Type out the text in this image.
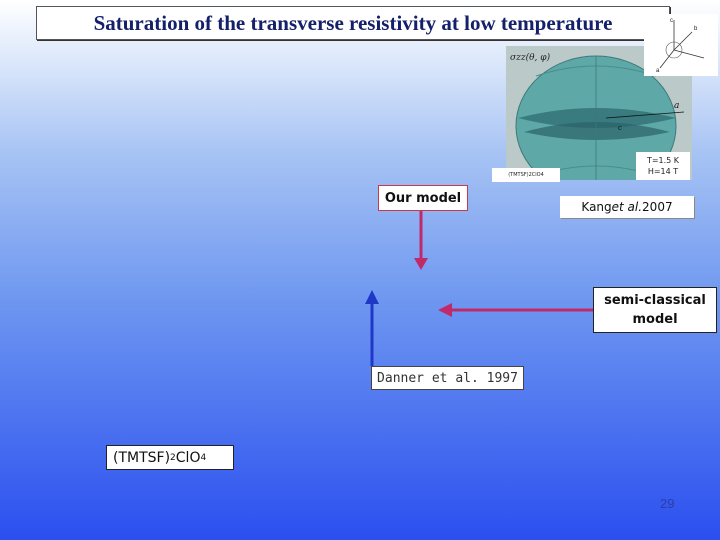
Saturation of the transverse resistivity at low temperature
a
c
σzz(θ, φ)
c
b
a
(TMTSF)2ClO4
T=1.5 K
H=14 T
Our model
Kang et al. 2007
semi-classical
model
Danner et al. 1997
(TMTSF) 2 ClO 4
29
